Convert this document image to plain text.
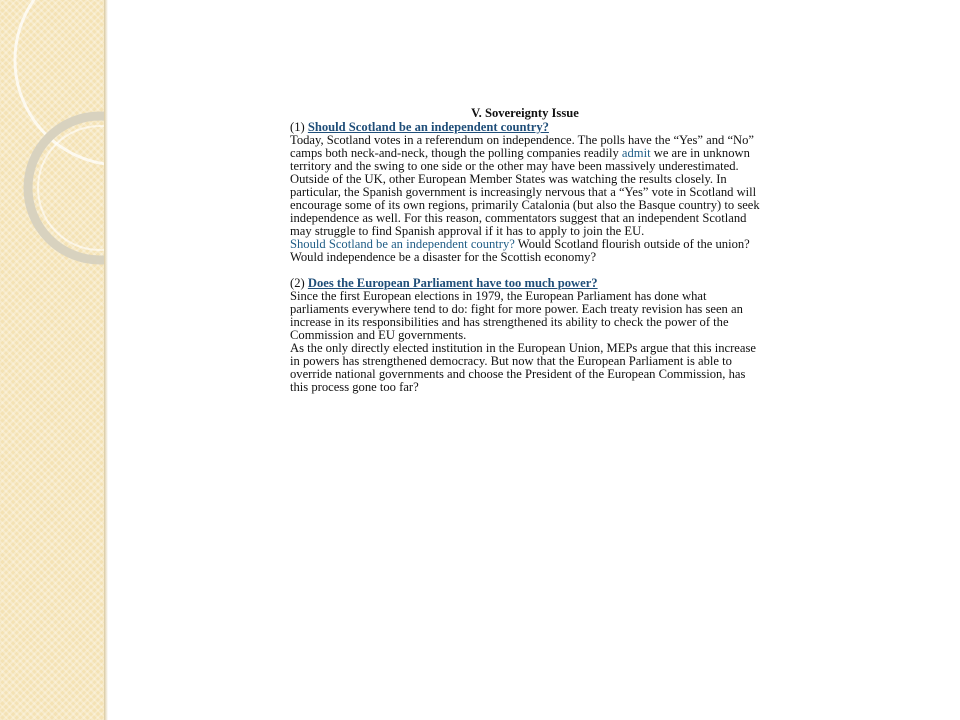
V. Sovereignty Issue

(1) Should Scotland be an independent country?

Today, Scotland votes in a referendum on independence. The polls have the “Yes” and “No” camps both neck-and-neck, though the polling companies readily admit we are in unknown territory and the swing to one side or the other may have been massively underestimated.

Outside of the UK, other European Member States was watching the results closely. In particular, the Spanish government is increasingly nervous that a “Yes” vote in Scotland will encourage some of its own regions, primarily Catalonia (but also the Basque country) to seek independence as well. For this reason, commentators suggest that an independent Scotland may struggle to find Spanish approval if it has to apply to join the EU.

Should Scotland be an independent country? Would Scotland flourish outside of the union? Would independence be a disaster for the Scottish economy?

(2) Does the European Parliament have too much power?

Since the first European elections in 1979, the European Parliament has done what parliaments everywhere tend to do: fight for more power. Each treaty revision has seen an increase in its responsibilities and has strengthened its ability to check the power of the Commission and EU governments.

As the only directly elected institution in the European Union, MEPs argue that this increase in powers has strengthened democracy. But now that the European Parliament is able to override national governments and choose the President of the European Commission, has this process gone too far?
